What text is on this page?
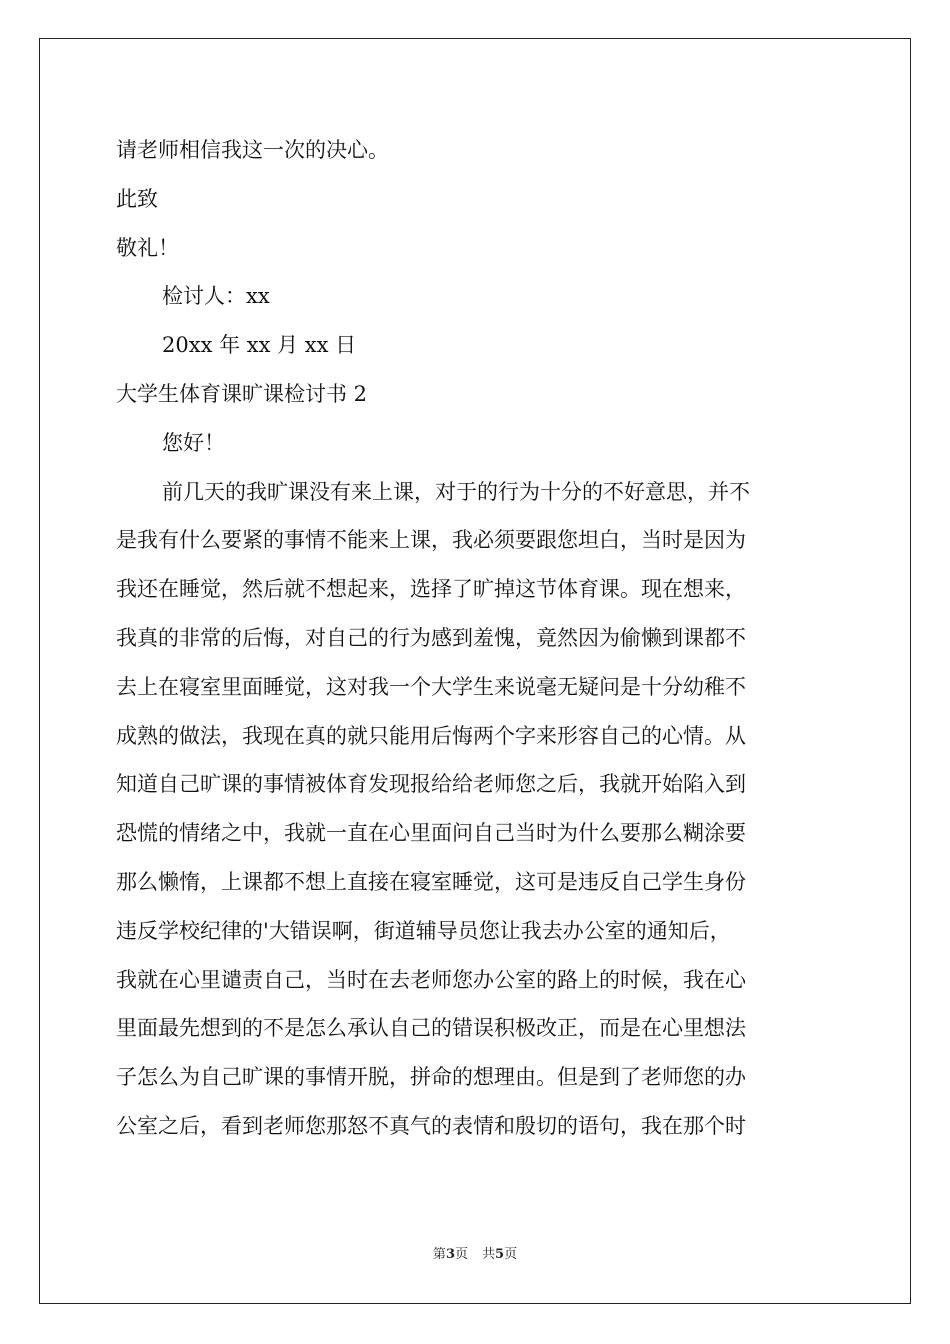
请老师相信我这一次的决心。
此致
敬礼！
检讨人：xx
20xx 年 xx 月 xx 日
大学生体育课旷课检讨书 2
您好！
前几天的我旷课没有来上课，对于的行为十分的不好意思，并不
是我有什么要紧的事情不能来上课，我必须要跟您坦白，当时是因为
我还在睡觉，然后就不想起来，选择了旷掉这节体育课。现在想来，
我真的非常的后悔，对自己的行为感到羞愧，竟然因为偷懒到课都不
去上在寝室里面睡觉，这对我一个大学生来说毫无疑问是十分幼稚不
成熟的做法，我现在真的就只能用后悔两个字来形容自己的心情。从
知道自己旷课的事情被体育发现报给给老师您之后，我就开始陷入到
恐慌的情绪之中，我就一直在心里面问自己当时为什么要那么糊涂要
那么懒惰，上课都不想上直接在寝室睡觉，这可是违反自己学生身份
违反学校纪律的'大错误啊，街道辅导员您让我去办公室的通知后，
我就在心里谴责自己，当时在去老师您办公室的路上的时候，我在心
里面最先想到的不是怎么承认自己的错误积极改正，而是在心里想法
子怎么为自己旷课的事情开脱，拼命的想理由。但是到了老师您的办
公室之后，看到老师您那怒不真气的表情和殷切的语句，我在那个时
第3页 共5页
